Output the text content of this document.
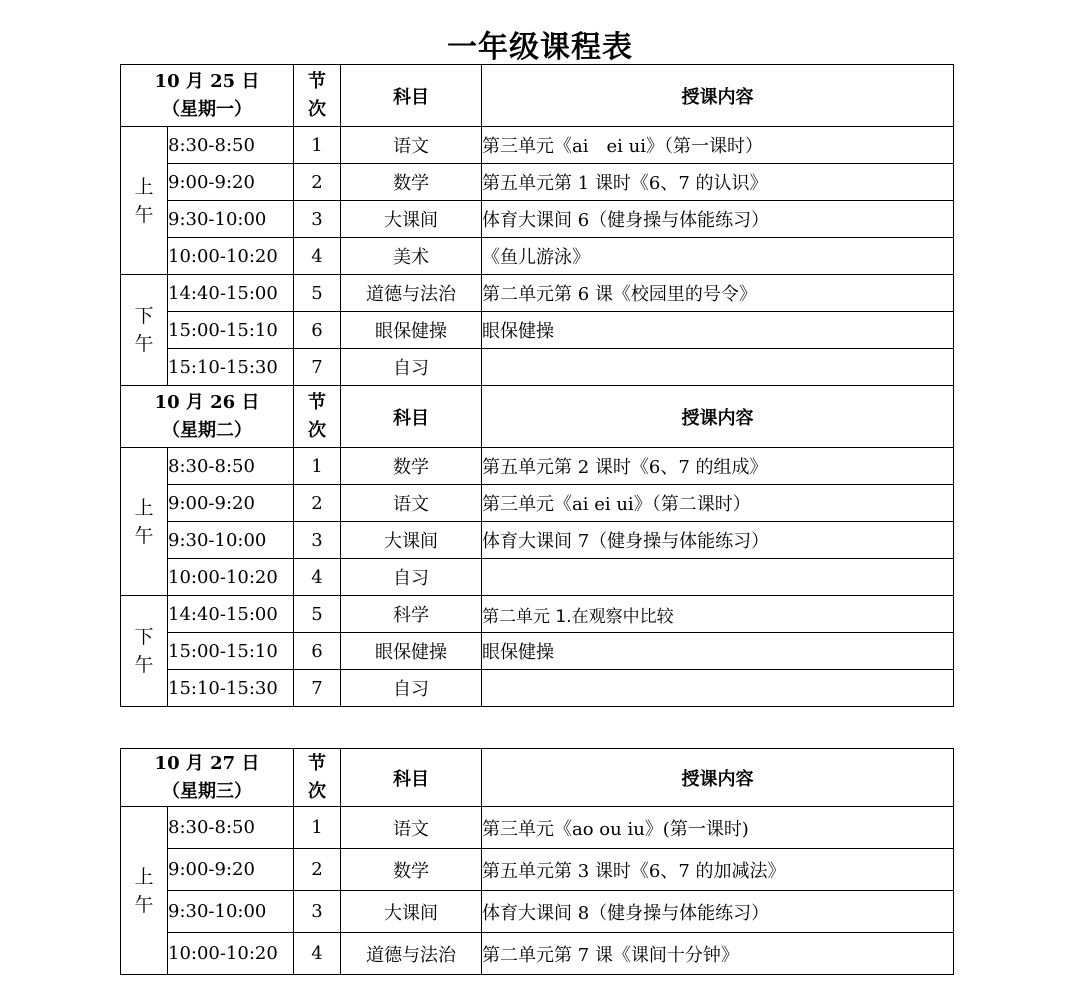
一年级课程表
10 月 25 日
（星期一）		节
次	科目	授课内容

上
午	8:30-8:50	1	语文	第三单元《ai　ei ui》（第一课时）
	9:00-9:20	2	数学	第五单元第 1 课时《6、7 的认识》
	9:30-10:00	3	大课间	体育大课间 6（健身操与体能练习）
	10:00-10:20	4	美术	《鱼儿游泳》

下
午	14:40-15:00	5	道德与法治	第二单元第 6 课《校园里的号令》
	15:00-15:10	6	眼保健操	眼保健操
	15:10-15:30	7	自习	

10 月 26 日
（星期二）		节
次	科目	授课内容

上
午	8:30-8:50	1	数学	第五单元第 2 课时《6、7 的组成》
	9:00-9:20	2	语文	第三单元《ai ei ui》（第二课时）
	9:30-10:00	3	大课间	体育大课间 7（健身操与体能练习）
	10:00-10:20	4	自习	

下
午	14:40-15:00	5	科学	第二单元 1.在观察中比较
	15:00-15:10	6	眼保健操	眼保健操
	15:10-15:30	7	自习	
10 月 27 日
（星期三）		节
次	科目	授课内容

上
午	8:30-8:50	1	语文	第三单元《ao ou iu》(第一课时)
	9:00-9:20	2	数学	第五单元第 3 课时《6、7 的加减法》
	9:30-10:00	3	大课间	体育大课间 8（健身操与体能练习）
	10:00-10:20	4	道德与法治	第二单元第 7 课《课间十分钟》
